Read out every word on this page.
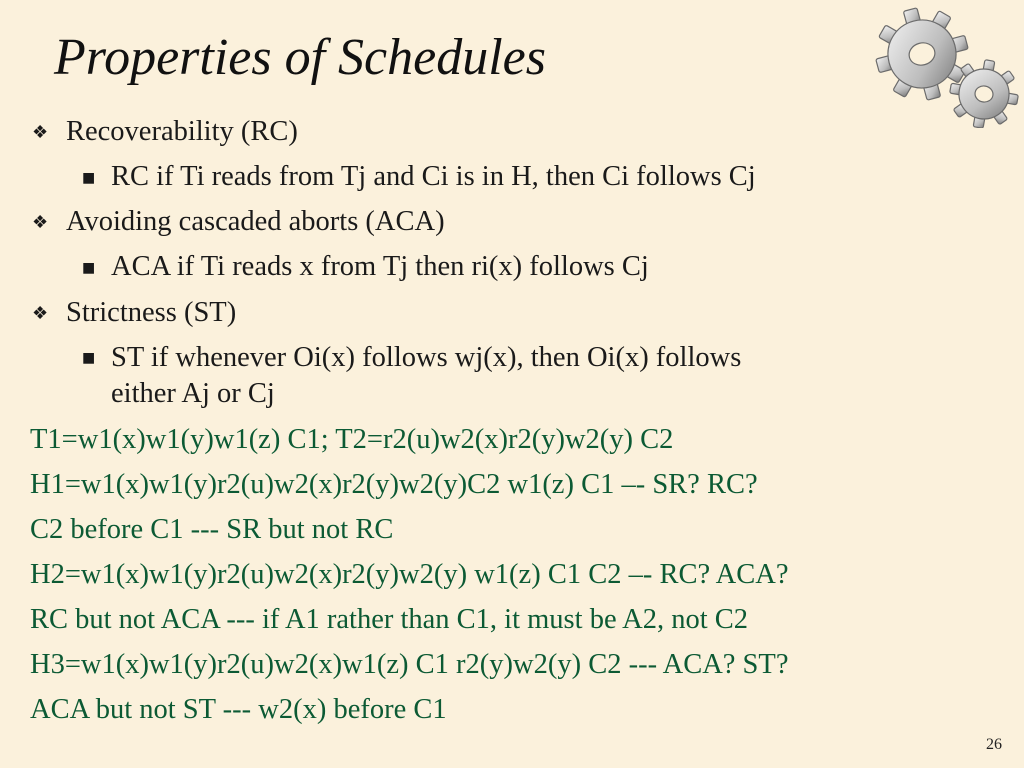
Properties of Schedules
❖ Recoverability (RC)
■ RC if Ti reads from Tj and Ci is in H, then Ci follows Cj
❖ Avoiding cascaded aborts (ACA)
■ ACA if Ti reads x from Tj then ri(x) follows Cj
❖ Strictness (ST)
■ ST if whenever Oi(x) follows wj(x), then Oi(x) follows
either Aj or Cj
T1=w1(x)w1(y)w1(z) C1; T2=r2(u)w2(x)r2(y)w2(y) C2
H1=w1(x)w1(y)r2(u)w2(x)r2(y)w2(y)C2 w1(z) C1 –- SR? RC?
C2 before C1 --- SR but not RC
H2=w1(x)w1(y)r2(u)w2(x)r2(y)w2(y) w1(z) C1 C2 –- RC? ACA?
RC but not ACA --- if A1 rather than C1, it must be A2, not C2
H3=w1(x)w1(y)r2(u)w2(x)w1(z) C1 r2(y)w2(y) C2 --- ACA? ST?
ACA but not ST --- w2(x) before C1
26
